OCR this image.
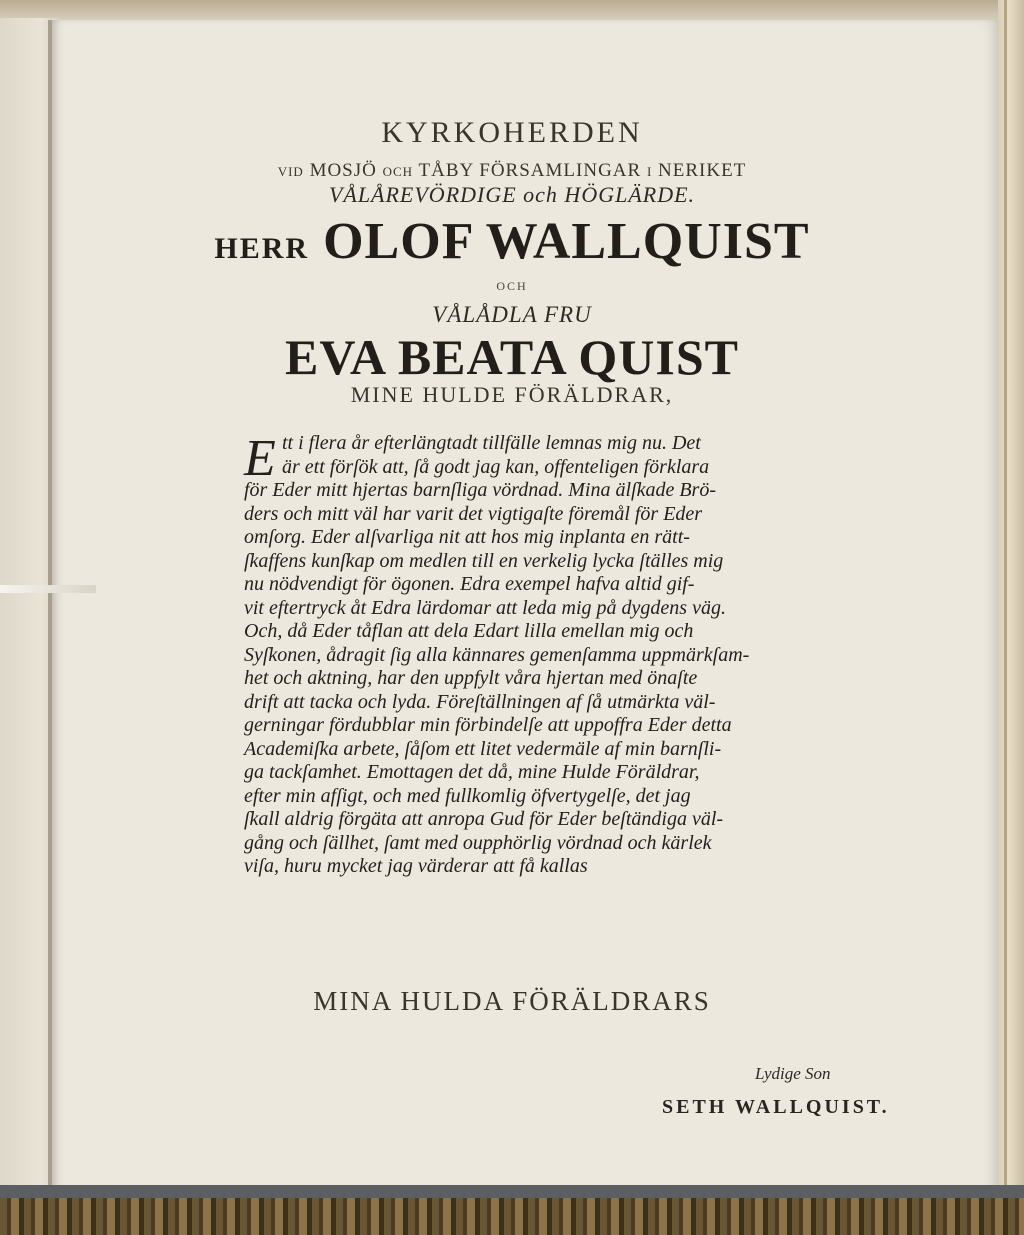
KYRKOHERDEN
VID MOSJÖ OCH TÅBY FÖRSAMLINGAR I NERIKET
VÅLÅREVÖRDIGE och HÖGLÄRDE.
HERR OLOF WALLQUIST
OCH
VÅLÅDLA FRU
EVA BEATA QUIST
MINE HULDE FÖRÄLDRAR,
E tt i flera år efterlängtadt tillfälle lemnas mig nu. Det
är ett förſök att, ſå godt jag kan, offenteligen förklara
för Eder mitt hjertas barnſliga vördnad. Mina älſkade Brö-
ders och mitt väl har varit det vigtigaſte föremål för Eder
omſorg. Eder alſvarliga nit att hos mig inplanta en rätt-
ſkaffens kunſkap om medlen till en verkelig lycka ſtälles mig
nu nödvendigt för ögonen. Edra exempel hafva altid gif-
vit eftertryck åt Edra lärdomar att leda mig på dygdens väg.
Och, då Eder tåflan att dela Edart lilla emellan mig och
Syſkonen, ådragit ſig alla kännares gemenſamma uppmärkſam-
het och aktning, har den uppfylt våra hjertan med önaſte
drift att tacka och lyda. Föreſtällningen af ſå utmärkta väl-
gerningar fördubblar min förbindelſe att uppoffra Eder detta
Academiſka arbete, ſåſom ett litet vedermäle af min barnſli-
ga tackſamhet. Emottagen det då, mine Hulde Föräldrar,
efter min afſigt, och med fullkomlig öfvertygelſe, det jag
ſkall aldrig förgäta att anropa Gud för Eder beſtändiga väl-
gång och ſällhet, ſamt med oupphörlig vördnad och kärlek
viſa, huru mycket jag värderar att få kallas
MINA HULDA FÖRÄLDRARS
Lydige Son
SETH WALLQUIST.
